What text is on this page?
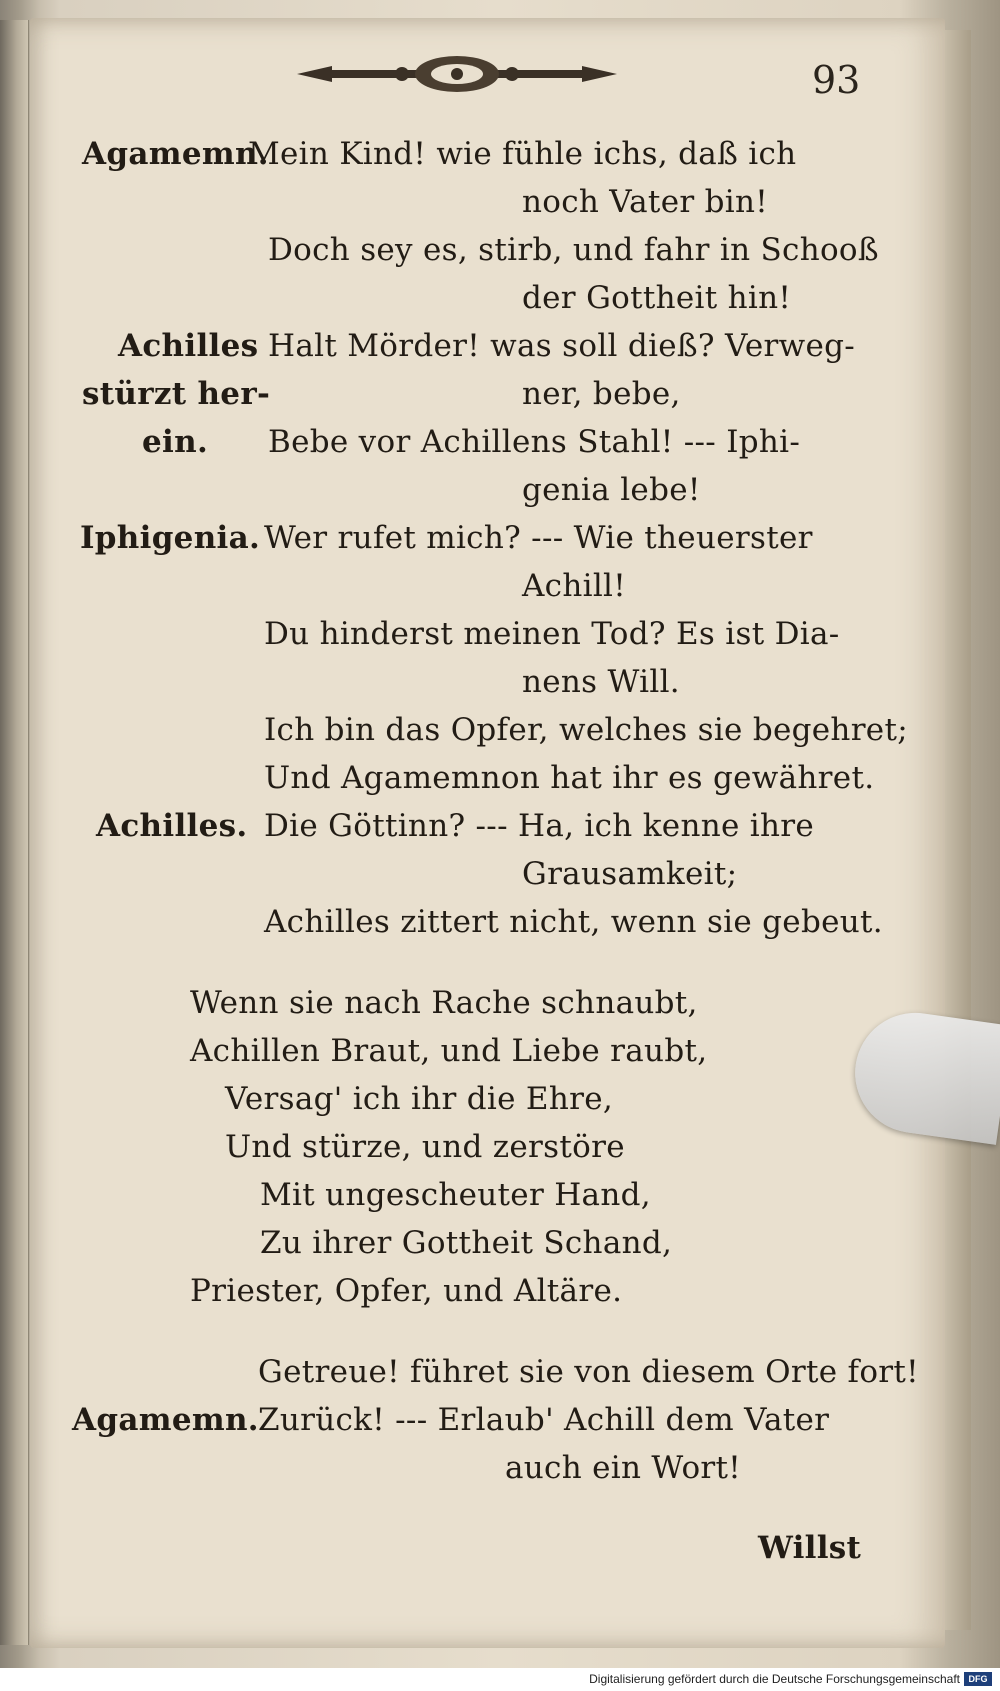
93
Agamemn.
Mein Kind! wie fühle ichs, daß ich
noch Vater bin!
Doch sey es, stirb, und fahr in Schooß
der Gottheit hin!
Achilles Halt Mörder! was soll dieß? Verweg-
stürzt her-	ner, bebe,
ein. Bebe vor Achillens Stahl! --- Iphi-
genia lebe!
Iphigenia. Wer rufet mich? --- Wie theuerster
Achill!
Du hinderst meinen Tod? Es ist Dia-
nens Will.
Ich bin das Opfer, welches sie begehret;
Und Agamemnon hat ihr es gewähret.
Achilles. Die Göttinn? --- Ha, ich kenne ihre
Grausamkeit;
Achilles zittert nicht, wenn sie gebeut.
Wenn sie nach Rache schnaubt,
Achillen Braut, und Liebe raubt,
Versag' ich ihr die Ehre,
Und stürze, und zerstöre
Mit ungescheuter Hand,
Zu ihrer Gottheit Schand,
Priester, Opfer, und Altäre.
Getreue! führet sie von diesem Orte fort!
Agamemn. Zurück! --- Erlaub' Achill dem Vater
auch ein Wort!
Willst
Digitalisierung gefördert durch die Deutsche Forschungsgemeinschaft DFG
